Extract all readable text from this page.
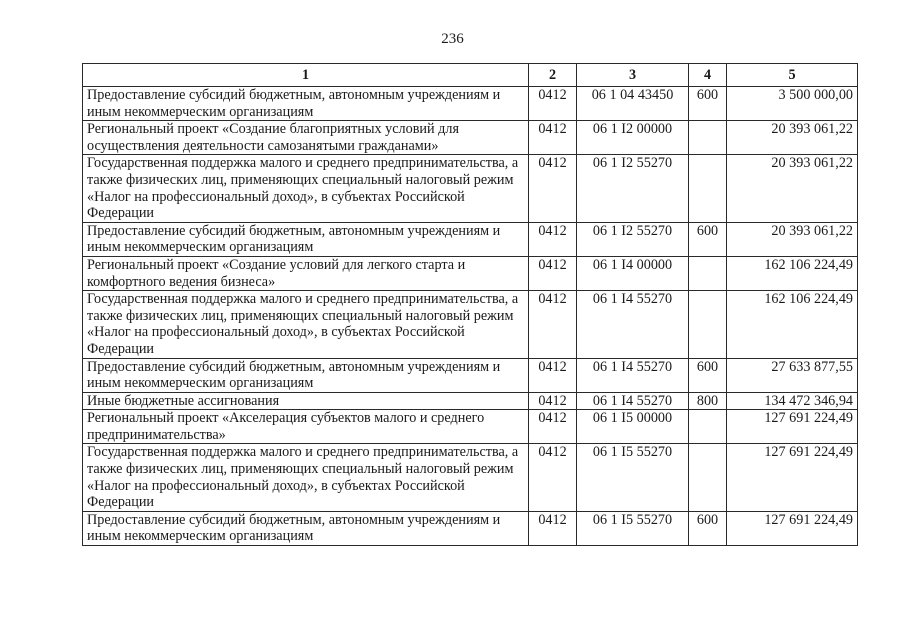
236
1	2	3	4	5
Предоставление субсидий бюджетным, автономным учреждениям и иным некоммерческим организациям	0412	06 1 04 43450	600	3 500 000,00
Региональный проект «Создание благоприятных условий для осуществления деятельности самозанятыми гражданами»	0412	06 1 I2 00000		20 393 061,22
Государственная поддержка малого и среднего предпринимательства, а также физических лиц, применяющих специальный налоговый режим «Налог на профессиональный доход», в субъектах Российской Федерации	0412	06 1 I2 55270		20 393 061,22
Предоставление субсидий бюджетным, автономным учреждениям и иным некоммерческим организациям	0412	06 1 I2 55270	600	20 393 061,22
Региональный проект «Создание условий для легкого старта и комфортного ведения бизнеса»	0412	06 1 I4 00000		162 106 224,49
Государственная поддержка малого и среднего предпринимательства, а также физических лиц, применяющих специальный налоговый режим «Налог на профессиональный доход», в субъектах Российской Федерации	0412	06 1 I4 55270		162 106 224,49
Предоставление субсидий бюджетным, автономным учреждениям и иным некоммерческим организациям	0412	06 1 I4 55270	600	27 633 877,55
Иные бюджетные ассигнования	0412	06 1 I4 55270	800	134 472 346,94
Региональный проект «Акселерация субъектов малого и среднего предпринимательства»	0412	06 1 I5 00000		127 691 224,49
Государственная поддержка малого и среднего предпринимательства, а также физических лиц, применяющих специальный налоговый режим «Налог на профессиональный доход», в субъектах Российской Федерации	0412	06 1 I5 55270		127 691 224,49
Предоставление субсидий бюджетным, автономным учреждениям и иным некоммерческим организациям	0412	06 1 I5 55270	600	127 691 224,49
